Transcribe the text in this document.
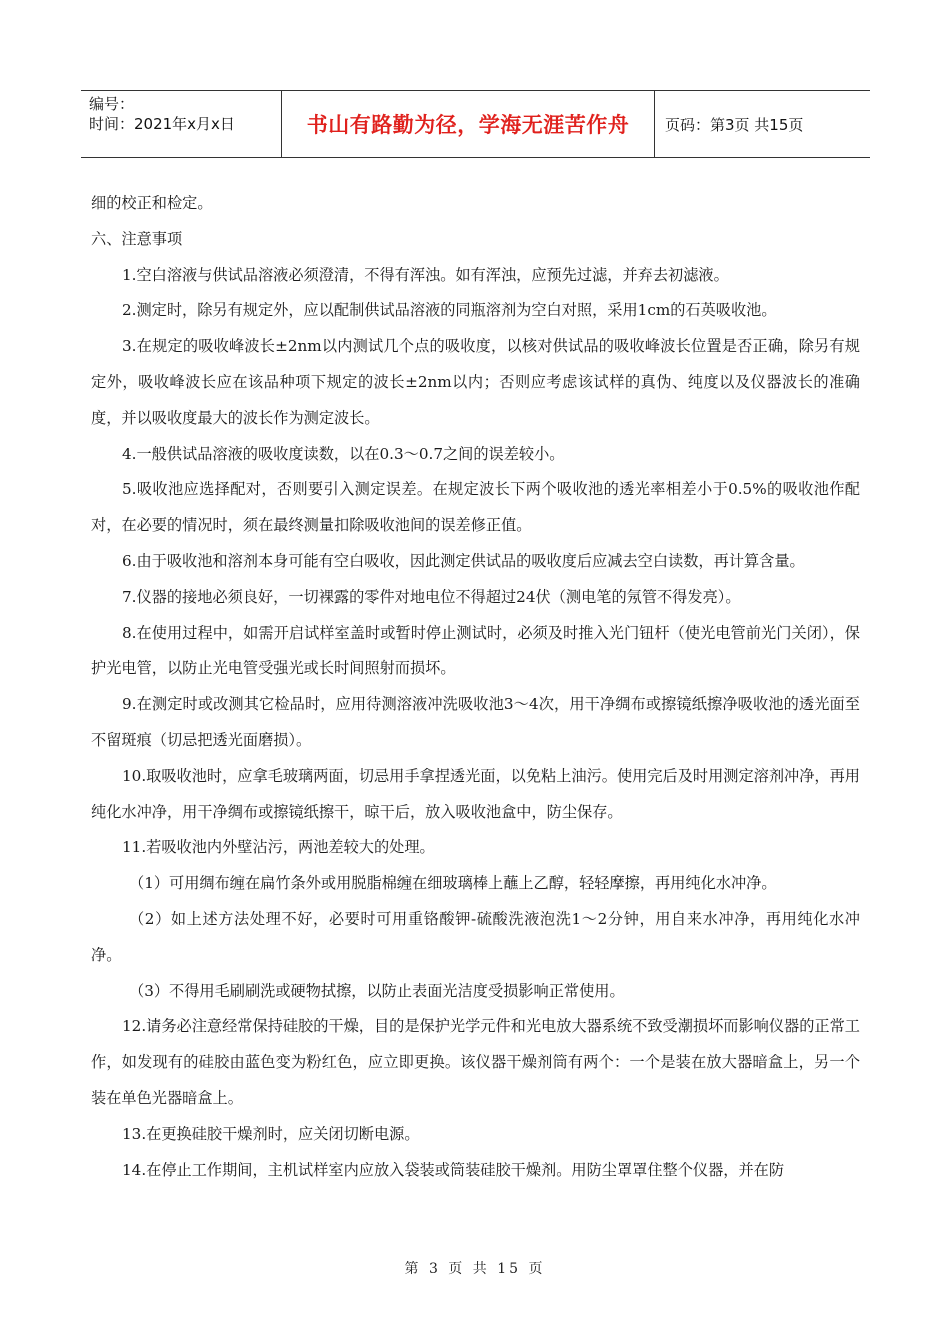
编号：
时间：2021年x月x日	书山有路勤为径，学海无涯苦作舟	页码：第3页 共15页

细的校正和检定。

六、注意事项

1.空白溶液与供试品溶液必须澄清，不得有浑浊。如有浑浊，应预先过滤，并弃去初滤液。

2.测定时，除另有规定外，应以配制供试品溶液的同瓶溶剂为空白对照，采用1cm的石英吸收池。

3.在规定的吸收峰波长±2nm以内测试几个点的吸收度，以核对供试品的吸收峰波长位置是否正确，除另有规定外，吸收峰波长应在该品种项下规定的波长±2nm以内；否则应考虑该试样的真伪、纯度以及仪器波长的准确度，并以吸收度最大的波长作为测定波长。

4.一般供试品溶液的吸收度读数，以在0.3～0.7之间的误差较小。

5.吸收池应选择配对，否则要引入测定误差。在规定波长下两个吸收池的透光率相差小于0.5%的吸收池作配对，在必要的情况时，须在最终测量扣除吸收池间的误差修正值。

6.由于吸收池和溶剂本身可能有空白吸收，因此测定供试品的吸收度后应减去空白读数，再计算含量。

7.仪器的接地必须良好，一切裸露的零件对地电位不得超过24伏（测电笔的氖管不得发亮）。

8.在使用过程中，如需开启试样室盖时或暂时停止测试时，必须及时推入光门钮杆（使光电管前光门关闭），保护光电管，以防止光电管受强光或长时间照射而损坏。

9.在测定时或改测其它检品时，应用待测溶液冲洗吸收池3～4次，用干净绸布或擦镜纸擦净吸收池的透光面至不留斑痕（切忌把透光面磨损）。

10.取吸收池时，应拿毛玻璃两面，切忌用手拿捏透光面，以免粘上油污。使用完后及时用测定溶剂冲净，再用纯化水冲净，用干净绸布或擦镜纸擦干，晾干后，放入吸收池盒中，防尘保存。

11.若吸收池内外壁沾污，两池差较大的处理。

（1）可用绸布缠在扁竹条外或用脱脂棉缠在细玻璃棒上蘸上乙醇，轻轻摩擦，再用纯化水冲净。

（2）如上述方法处理不好，必要时可用重铬酸钾-硫酸洗液泡洗1～2分钟，用自来水冲净，再用纯化水冲净。

（3）不得用毛刷刷洗或硬物拭擦，以防止表面光洁度受损影响正常使用。

12.请务必注意经常保持硅胶的干燥，目的是保护光学元件和光电放大器系统不致受潮损坏而影响仪器的正常工作，如发现有的硅胶由蓝色变为粉红色，应立即更换。该仪器干燥剂筒有两个：一个是装在放大器暗盒上，另一个装在单色光器暗盒上。

13.在更换硅胶干燥剂时，应关闭切断电源。

14.在停止工作期间，主机试样室内应放入袋装或筒装硅胶干燥剂。用防尘罩罩住整个仪器，并在防

第 3 页 共 15 页
